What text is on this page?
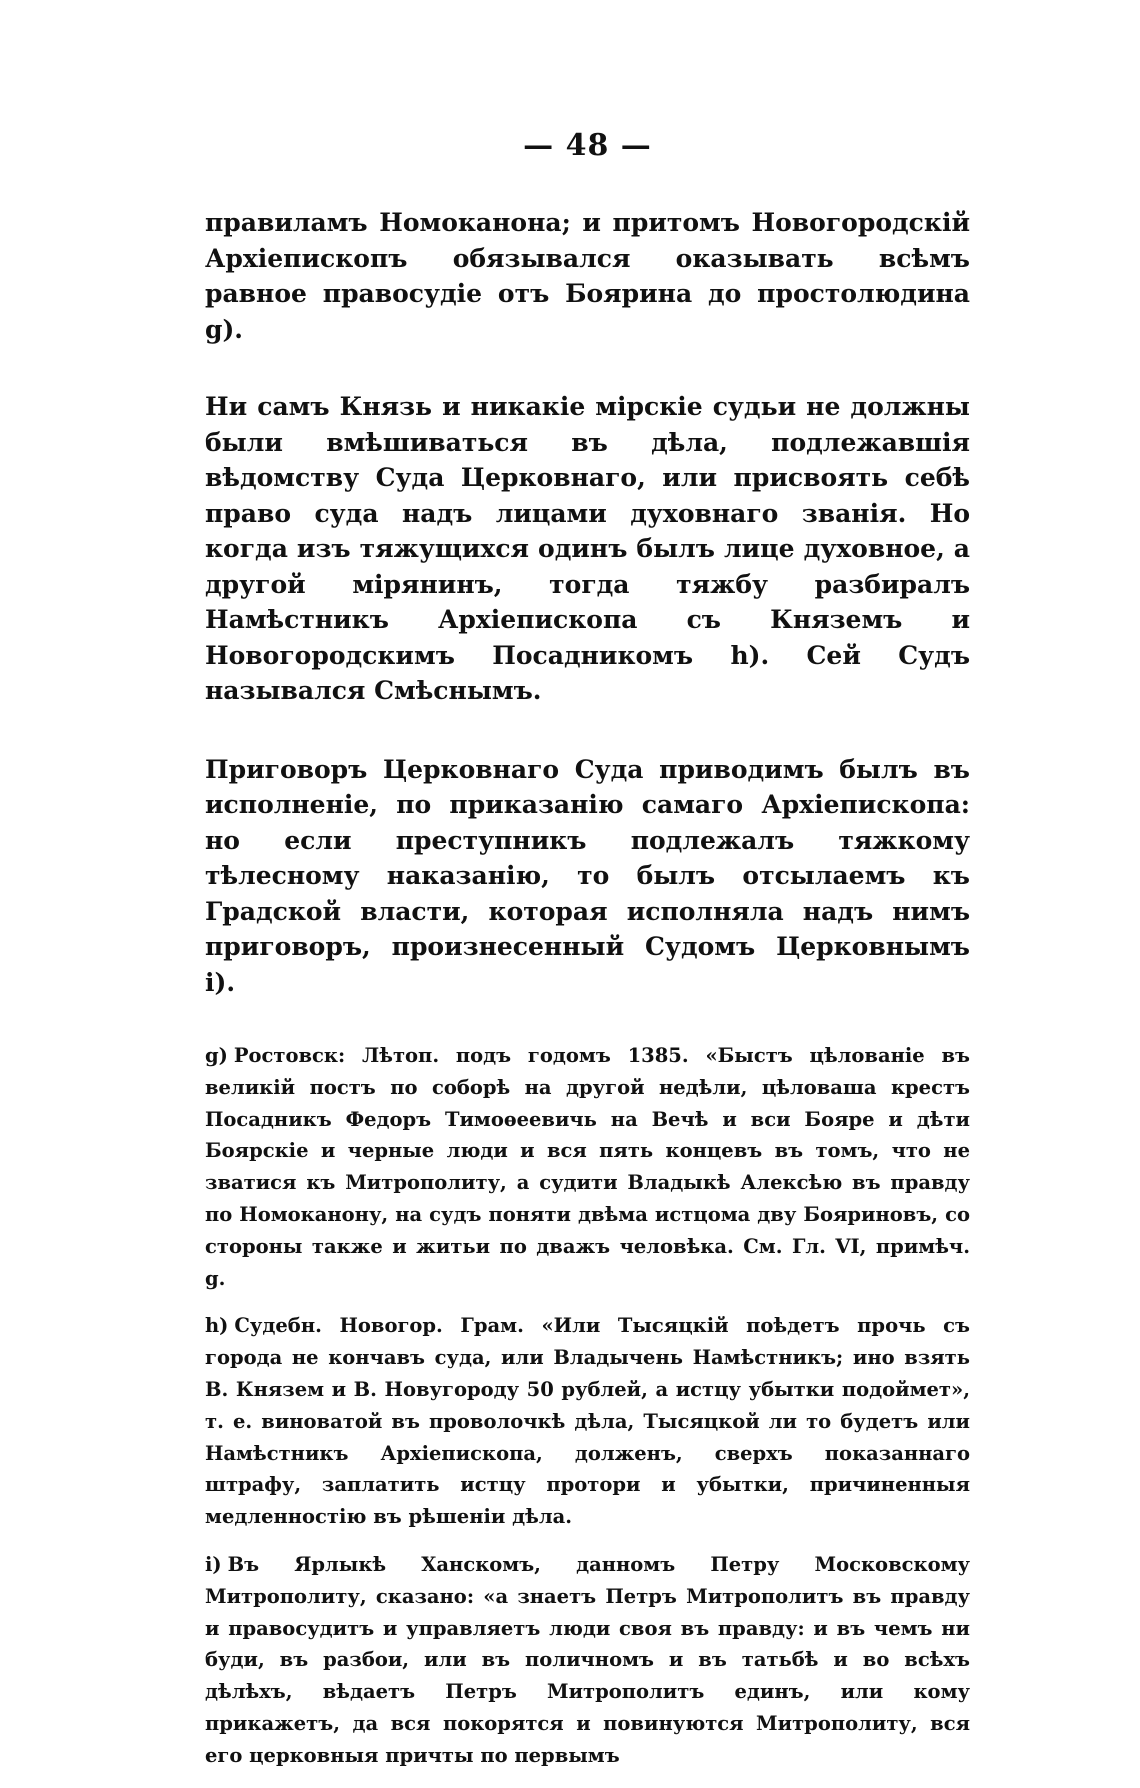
— 48 —

правиламъ Номоканона; и притомъ Новогородскій Архіепископъ обязывался оказывать всѣмъ равное правосудіе отъ Боярина до простолюдина g).

Ни самъ Князь и никакіе мірскіе судьи не должны были вмѣшиваться въ дѣла, подлежавшія вѣдомству Суда Церковнаго, или присвоять себѣ право суда надъ лицами духовнаго званія. Но когда изъ тяжущихся одинъ былъ лице духовное, а другой мірянинъ, тогда тяжбу разбиралъ Намѣстникъ Архіепископа съ Княземъ и Новогородскимъ Посадникомъ h). Сей Судъ назывался Смѣснымъ.

Приговоръ Церковнаго Суда приводимъ былъ въ исполненіе, по приказанію самаго Архіепископа: но если преступникъ подлежалъ тяжкому тѣлесному наказанію, то былъ отсылаемъ къ Градской власти, которая исполняла надъ нимъ приговоръ, произнесенный Судомъ Церковнымъ i).

g) Ростовск: Лѣтоп. подъ годомъ 1385. «Быстъ цѣлованіе въ великій постъ по соборѣ на другой недѣли, цѣловаша крестъ Посадникъ Федоръ Тимоѳеевичь на Вечѣ и вси Бояре и дѣти Боярскіе и черные люди и вся пять концевъ въ томъ, что не зватися къ Митрополиту, а судити Владыкѣ Алексѣю въ правду по Номоканону, на судъ поняти двѣма истцома дву Бояриновъ, со стороны также и житьи по дважъ человѣка. См. Гл. VI, примѣч. g.

h) Судебн. Новогор. Грам. «Или Тысяцкій поѣдетъ прочь съ города не кончавъ суда, или Владычень Намѣстникъ; ино взять В. Князем и В. Новугороду 50 рублей, а истцу убытки подоймет», т. е. виноватой въ проволочкѣ дѣла, Тысяцкой ли то будетъ или Намѣстникъ Архіепископа, долженъ, сверхъ показаннаго штрафу, заплатить истцу протори и убытки, причиненныя медленностію въ рѣшеніи дѣла.

i) Въ Ярлыкѣ Ханскомъ, данномъ Петру Московскому Митрополиту, сказано: «а знаетъ Петръ Митрополитъ въ правду и правосудитъ и управляетъ люди своя въ правду: и въ чемъ ни буди, въ разбои, или въ поличномъ и въ татьбѣ и во всѣхъ дѣлѣхъ, вѣдаетъ Петръ Митрополитъ единъ, или кому прикажетъ, да вся покорятся и повинуются Митрополиту, вся его церковныя причты по первымъ
